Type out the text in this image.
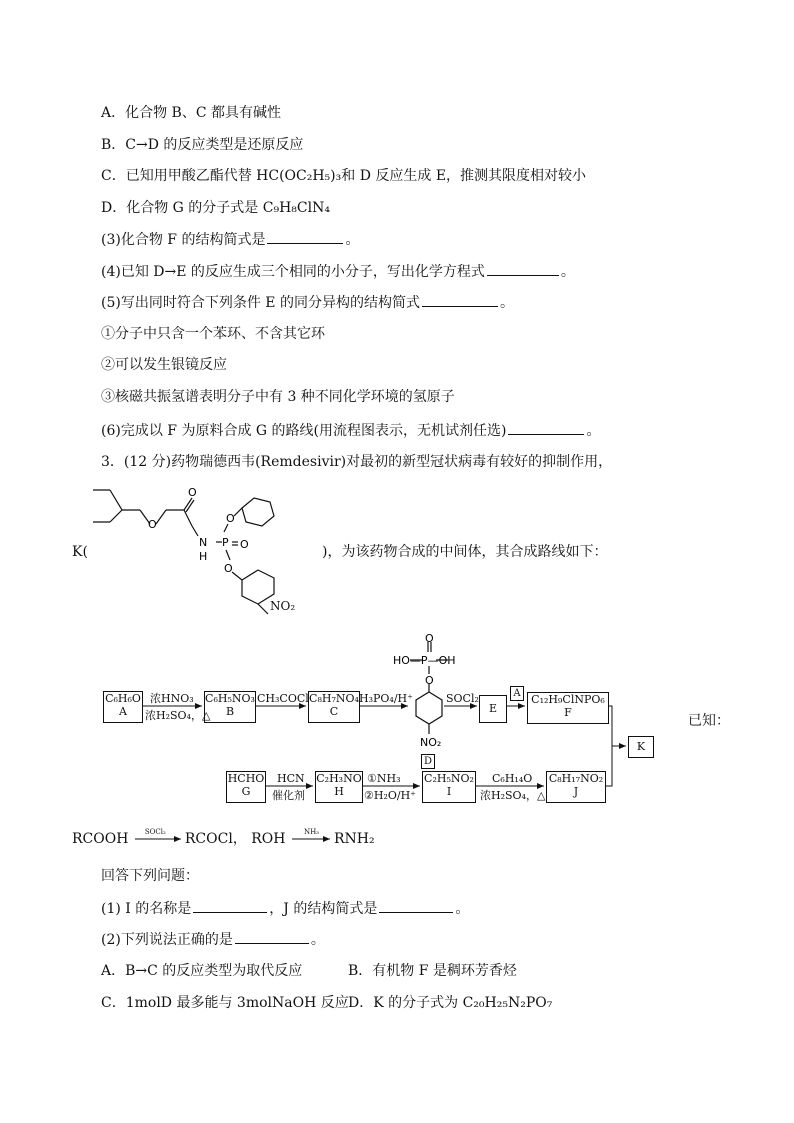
A．化合物 B、C 都具有碱性
B．C→D 的反应类型是还原反应
C．已知用甲酸乙酯代替 HC(OC₂H₅)₃和 D 反应生成 E，推测其限度相对较小
D．化合物 G 的分子式是 C₉H₈ClN₄
(3)化合物 F 的结构简式是	。
(4)已知 D→E 的反应生成三个相同的小分子，写出化学方程式	。
(5)写出同时符合下列条件 E 的同分异构的结构简式	。
①分子中只含一个苯环、不含其它环
②可以发生银镜反应
③核磁共振氢谱表明分子中有 3 种不同化学环境的氢原子
(6)完成以 F 为原料合成 G 的路线(用流程图表示，无机试剂任选)	。
3．(12 分)药物瑞德西韦(Remdesivir)对最初的新型冠状病毒有较好的抑制作用，
K(
O
O
N
H
P
O
O
O
NO₂
)，为该药物合成的中间体，其合成路线如下：
O
HO—P—OH
O
NO₂
D
C₆H₆O
A
C₆H₅NO₃
B
C₈H₇NO₄
C	E
C₁₂H₉ClNPO₆
F
K
HCHO
G
C₂H₃NO
H
C₂H₅NO₂
I
C₈H₁₇NO₂
J
浓HNO₃
浓H₂SO₄，△
CH₃COCl	H₃PO₄/H⁺	SOCl₂	A
HCN
催化剂
①NH₃
②H₂O/H⁺
C₆H₁₄O
浓H₂SO₄，△
已知：
RCOOH SOCl₂ RCOCl， ROH	NH₃ RNH₂
回答下列问题：
(1) I 的名称是	，J 的结构简式是	。
(2)下列说法正确的是	。
A．B→C 的反应类型为取代反应	B．有机物 F 是稠环芳香烃
C．1molD 最多能与 3molNaOH 反应 D．K 的分子式为 C₂₀H₂₅N₂PO₇
